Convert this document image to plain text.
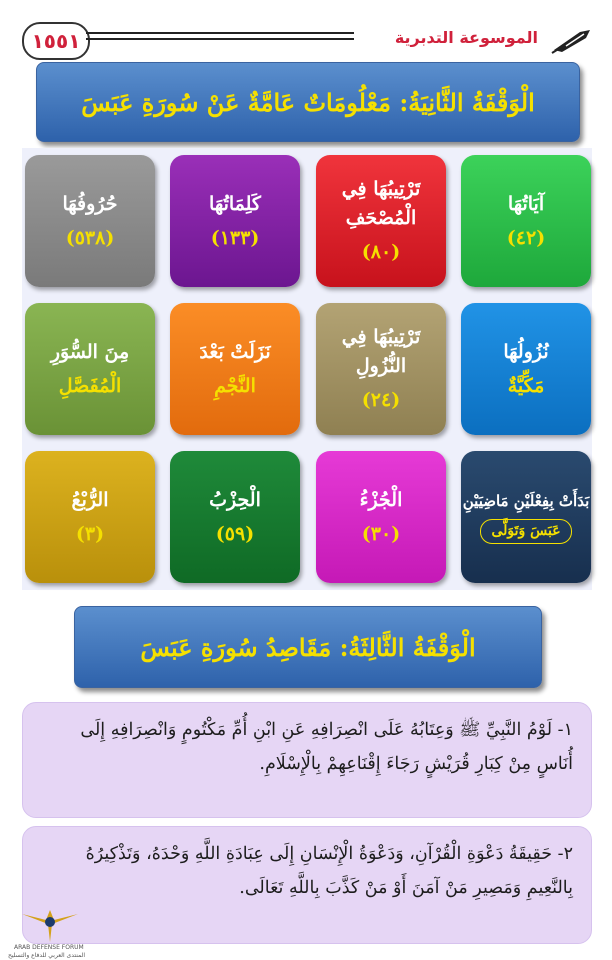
١٥٥١	الموسوعة التدبرية
الْوَقْفَةُ الثَّانِيَةُ: مَعْلُومَاتٌ عَامَّةٌ عَنْ سُورَةِ عَبَسَ
آيَاتُهَا
(٤٢)
تَرْتِيبُهَا فِي الْمُصْحَفِ
(٨٠)
كَلِمَاتُهَا
(١٣٣)
حُرُوفُهَا
(٥٣٨)
نُزُولُهَا
مَكِّيَّةٌ
تَرْتِيبُهَا فِي النُّزُولِ
(٢٤)
نَزَلَتْ بَعْدَ
النَّجْمِ
مِنَ السُّوَرِ
الْمُفَصَّلِ
بَدَأَتْ بِفِعْلَيْنِ مَاضِيَيْنِ
عَبَسَ وَتَوَلَّى
الْجُزْءُ
(٣٠)
الْحِزْبُ
(٥٩)
الرُّبْعُ
(٣)
الْوَقْفَةُ الثَّالِثَةُ: مَقَاصِدُ سُورَةِ عَبَسَ
١- لَوْمُ النَّبِيِّ ﷺ وَعِتَابُهُ عَلَى انْصِرَافِهِ عَنِ ابْنِ أُمِّ مَكْتُومٍ وَانْصِرَافِهِ إِلَى أُنَاسٍ مِنْ كِبَارِ قُرَيْشٍ رَجَاءَ إِقْنَاعِهِمْ بِالْإِسْلَامِ.
٢- حَقِيقَةُ دَعْوَةِ الْقُرْآنِ، وَدَعْوَةُ الْإِنْسَانِ إِلَى عِبَادَةِ اللَّهِ وَحْدَهُ، وَتَذْكِيرُهُ بِالنَّعِيمِ وَمَصِيرِ مَنْ آمَنَ أَوْ مَنْ كَذَّبَ بِاللَّهِ تَعَالَى.
ARAB DEFENSE FORUM
المنتدى العربي للدفاع والتسليح
